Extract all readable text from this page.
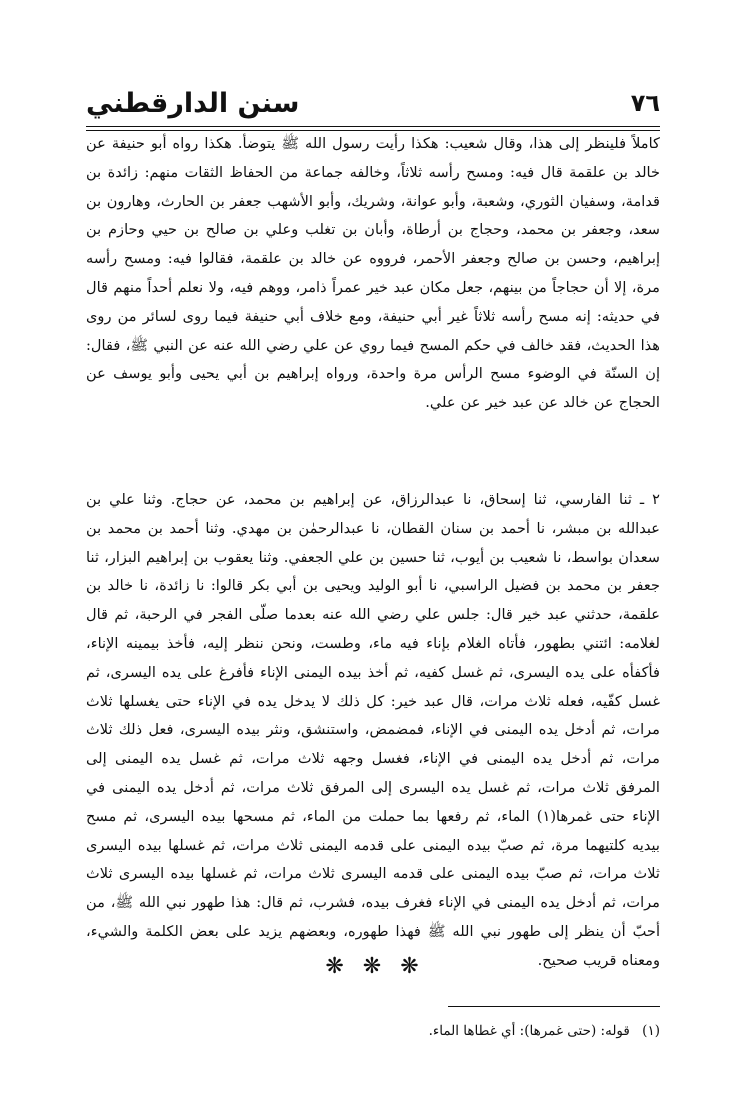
٧٦
سنن الدارقطني

كاملاً فلينظر إلى هذا، وقال شعيب: هكذا رأيت رسول الله ﷺ يتوضأ. هكذا رواه أبو حنيفة عن خالد بن علقمة قال فيه: ومسح رأسه ثلاثاً، وخالفه جماعة من الحفاظ الثقات منهم: زائدة بن قدامة، وسفيان الثوري، وشعبة، وأبو عوانة، وشريك، وأبو الأشهب جعفر بن الحارث، وهارون بن سعد، وجعفر بن محمد، وحجاج بن أرطاة، وأبان بن تغلب وعلي بن صالح بن حيي وحازم بن إبراهيم، وحسن بن صالح وجعفر الأحمر، فرووه عن خالد بن علقمة، فقالوا فيه: ومسح رأسه مرة، إلا أن حجاجاً من بينهم، جعل مكان عبد خير عمراً ذامر، ووهم فيه، ولا نعلم أحداً منهم قال في حديثه: إنه مسح رأسه ثلاثاً غير أبي حنيفة، ومع خلاف أبي حنيفة فيما روى لسائر من روى هذا الحديث، فقد خالف في حكم المسح فيما روي عن علي رضي الله عنه عن النبي ﷺ، فقال: إن السنّة في الوضوء مسح الرأس مرة واحدة، ورواه إبراهيم بن أبي يحيى وأبو يوسف عن الحجاج عن خالد عن عبد خير عن علي.

٢ ـ ثنا الفارسي، ثنا إسحاق، نا عبدالرزاق، عن إبراهيم بن محمد، عن حجاج. وثنا علي بن عبدالله بن مبشر، نا أحمد بن سنان القطان، نا عبدالرحمٰن بن مهدي. وثنا أحمد بن محمد بن سعدان بواسط، نا شعيب بن أيوب، ثنا حسين بن علي الجعفي. وثنا يعقوب بن إبراهيم البزار، ثنا جعفر بن محمد بن فضيل الراسبي، نا أبو الوليد ويحيى بن أبي بكر قالوا: نا زائدة، نا خالد بن علقمة، حدثني عبد خير قال: جلس علي رضي الله عنه بعدما صلّى الفجر في الرحبة، ثم قال لغلامه: ائتني بطهور، فأتاه الغلام بإناء فيه ماء، وطست، ونحن ننظر إليه، فأخذ بيمينه الإناء، فأكفأه على يده اليسرى، ثم غسل كفيه، ثم أخذ بيده اليمنى الإناء فأفرغ على يده اليسرى، ثم غسل كفّيه، فعله ثلاث مرات، قال عبد خير: كل ذلك لا يدخل يده في الإناء حتى يغسلها ثلاث مرات، ثم أدخل يده اليمنى في الإناء، فمضمض، واستنشق، ونثر بيده اليسرى، فعل ذلك ثلاث مرات، ثم أدخل يده اليمنى في الإناء، فغسل وجهه ثلاث مرات، ثم غسل يده اليمنى إلى المرفق ثلاث مرات، ثم غسل يده اليسرى إلى المرفق ثلاث مرات، ثم أدخل يده اليمنى في الإناء حتى غمرها(١) الماء، ثم رفعها بما حملت من الماء، ثم مسحها بيده اليسرى، ثم مسح بيديه كلتيهما مرة، ثم صبّ بيده اليمنى على قدمه اليمنى ثلاث مرات، ثم غسلها بيده اليسرى ثلاث مرات، ثم صبّ بيده اليمنى على قدمه اليسرى ثلاث مرات، ثم غسلها بيده اليسرى ثلاث مرات، ثم أدخل يده اليمنى في الإناء فغرف بيده، فشرب، ثم قال: هذا طهور نبي الله ﷺ، من أحبّ أن ينظر إلى طهور نبي الله ﷺ فهذا طهوره، وبعضهم يزيد على بعض الكلمة والشيء، ومعناه قريب صحيح.

❋ ❋ ❋
(١) قوله: (حتى غمرها): أي غطاها الماء.
